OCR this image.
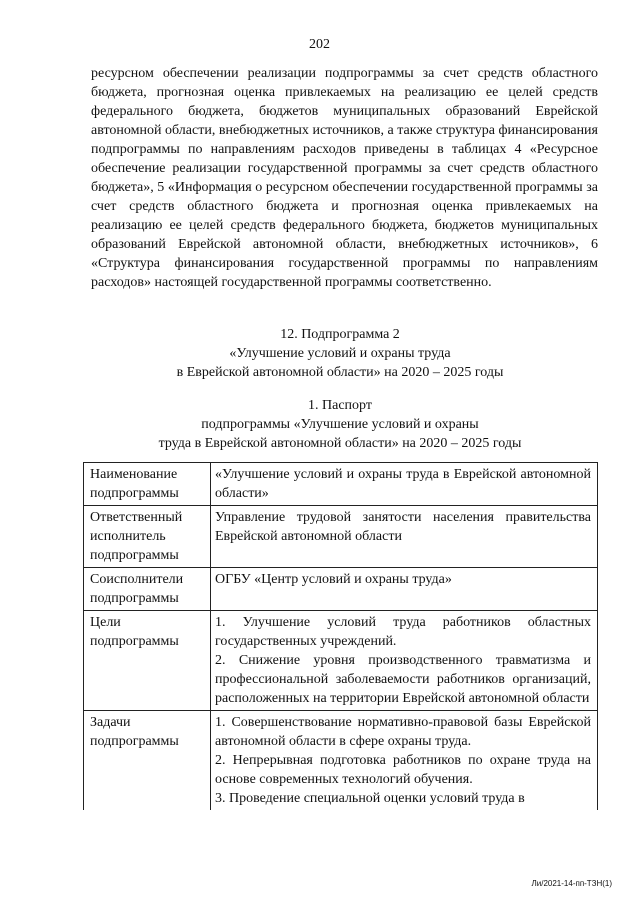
202

ресурсном обеспечении реализации подпрограммы за счет средств областного бюджета, прогнозная оценка привлекаемых на реализацию ее целей средств федерального бюджета, бюджетов муниципальных образований Еврейской автономной области, внебюджетных источников, а также структура финансирования подпрограммы по направлениям расходов приведены в таблицах 4 «Ресурсное обеспечение реализации государственной программы за счет средств областного бюджета», 5 «Информация о ресурсном обеспечении государственной программы за счет средств областного бюджета и прогнозная оценка привлекаемых на реализацию ее целей средств федерального бюджета, бюджетов муниципальных образований Еврейской автономной области, внебюджетных источников», 6 «Структура финансирования государственной программы по направлениям расходов» настоящей государственной программы соответственно.

12. Подпрограмма 2
«Улучшение условий и охраны труда
в Еврейской автономной области» на 2020 – 2025 годы
1. Паспорт
подпрограммы «Улучшение условий и охраны
труда в Еврейской автономной области» на 2020 – 2025 годы
Наименование подпрограммы	«Улучшение условий и охраны труда в Еврейской автономной области»

Ответственный исполнитель подпрограммы	Управление трудовой занятости населения правительства Еврейской автономной области

Соисполнители подпрограммы	ОГБУ «Центр условий и охраны труда»

Цели подпрограммы	1. Улучшение условий труда работников областных государственных учреждений.

2. Снижение уровня производственного травматизма и профессиональной заболеваемости работников организаций, расположенных на территории Еврейской автономной области

Задачи подпрограммы	1. Совершенствование нормативно-правовой базы Еврейской автономной области в сфере охраны труда.

2. Непрерывная подготовка работников по охране труда на основе современных технологий обучения.

3. Проведение специальной оценки условий труда в

Ли/2021-14-пп-ТЗН(1)
